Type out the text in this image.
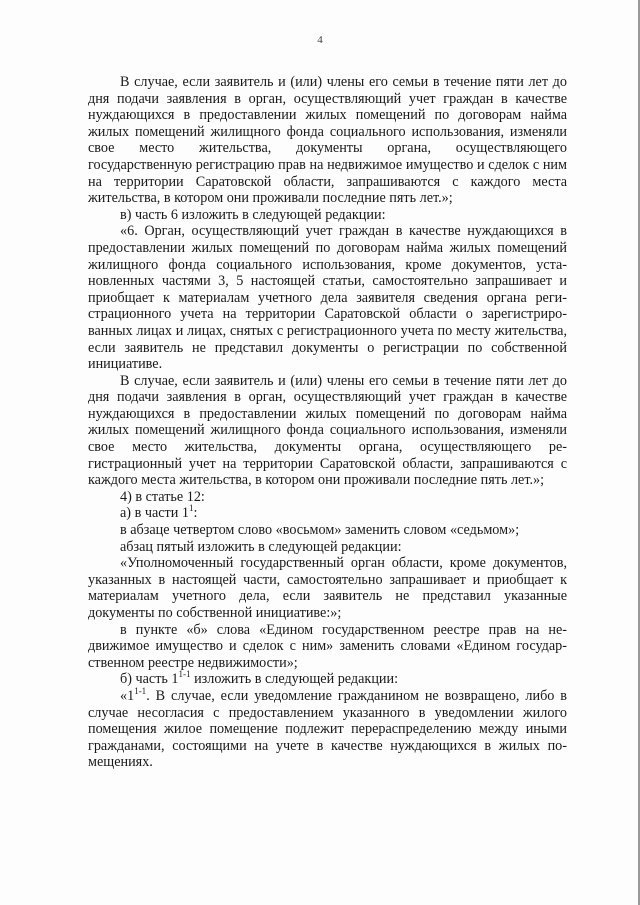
4

В случае, если заявитель и (или) члены его семьи в течение пяти лет до дня подачи заявления в орган, осуществляющий учет граждан в качестве нуждающихся в предоставлении жилых помещений по договорам найма жилых помещений жилищного фонда социального использования, изменяли свое место жительства, документы органа, осуществляющего государственную регистрацию прав на недвижимое имущество и сделок с ним на территории Саратовской области, запрашиваются с каждого места жительства, в котором они проживали последние пять лет.»;

в) часть 6 изложить в следующей редакции:

«6. Орган, осуществляющий учет граждан в качестве нуждающихся в предоставлении жилых помещений по договорам найма жилых помещений жилищного фонда социального использования, кроме документов, установленных частями 3, 5 настоящей статьи, самостоятельно запрашивает и приобщает к материалам учетного дела заявителя сведения органа регистрационного учета на территории Саратовской области о зарегистрированных лицах и лицах, снятых с регистрационного учета по месту жительства, если заявитель не представил документы о регистрации по собственной инициативе.

В случае, если заявитель и (или) члены его семьи в течение пяти лет до дня подачи заявления в орган, осуществляющий учет граждан в качестве нуждающихся в предоставлении жилых помещений по договорам найма жилых помещений жилищного фонда социального использования, изменяли свое место жительства, документы органа, осуществляющего регистрационный учет на территории Саратовской области, запрашиваются с каждого места жительства, в котором они проживали последние пять лет.»;

4) в статье 12:

а) в части $1^1$:

в абзаце четвертом слово «восьмом» заменить словом «седьмом»;

абзац пятый изложить в следующей редакции:

«Уполномоченный государственный орган области, кроме документов, указанных в настоящей части, самостоятельно запрашивает и приобщает к материалам учетного дела, если заявитель не представил указанные документы по собственной инициативе:»;

в пункте «б» слова «Едином государственном реестре прав на недвижимое имущество и сделок с ним» заменить словами «Едином государственном реестре недвижимости»;

б) часть 1$^{1-1}$ изложить в следующей редакции:

«1$^{1-1}$. В случае, если уведомление гражданином не возвращено, либо в случае несогласия с предоставлением указанного в уведомлении жилого помещения жилое помещение подлежит перераспределению между иными гражданами, состоящими на учете в качестве нуждающихся в жилых помещениях.
